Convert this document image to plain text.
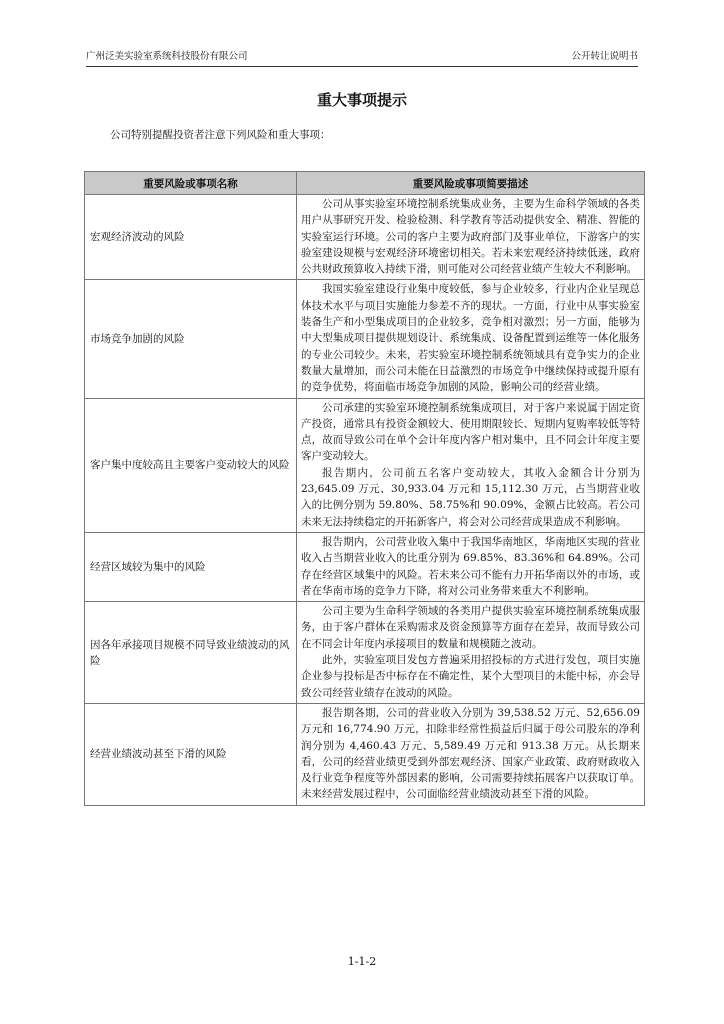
广州泛美实验室系统科技股份有限公司	公开转让说明书
重大事项提示
公司特别提醒投资者注意下列风险和重大事项：
重要风险或事项名称	重要风险或事项简要描述
宏观经济波动的风险	公司从事实验室环境控制系统集成业务，主要为生命科学领域的各类用户从事研究开发、检验检测、科学教育等活动提供安全、精准、智能的实验室运行环境。公司的客户主要为政府部门及事业单位，下游客户的实验室建设规模与宏观经济环境密切相关。若未来宏观经济持续低迷，政府公共财政预算收入持续下滑，则可能对公司经营业绩产生较大不利影响。

市场竞争加剧的风险	我国实验室建设行业集中度较低，参与企业较多，行业内企业呈现总体技术水平与项目实施能力参差不齐的现状。一方面，行业中从事实验室装备生产和小型集成项目的企业较多，竞争相对激烈；另一方面，能够为中大型集成项目提供规划设计、系统集成、设备配置到运维等一体化服务的专业公司较少。未来，若实验室环境控制系统领域具有竞争实力的企业数量大量增加，而公司未能在日益激烈的市场竞争中继续保持或提升原有的竞争优势，将面临市场竞争加剧的风险，影响公司的经营业绩。

客户集中度较高且主要客户变动较大的风险	公司承建的实验室环境控制系统集成项目，对于客户来说属于固定资产投资，通常具有投资金额较大、使用期限较长、短期内复购率较低等特点，故而导致公司在单个会计年度内客户相对集中，且不同会计年度主要客户变动较大。

报告期内，公司前五名客户变动较大，其收入金额合计分别为 23,645.09 万元、30,933.04 万元和 15,112.30 万元，占当期营业收入的比例分别为 59.80%、58.75%和 90.09%，金额占比较高。若公司未来无法持续稳定的开拓新客户，将会对公司经营成果造成不利影响。

经营区域较为集中的风险	报告期内，公司营业收入集中于我国华南地区，华南地区实现的营业收入占当期营业收入的比重分别为 69.85%、83.36%和 64.89%。公司存在经营区域集中的风险。若未来公司不能有力开拓华南以外的市场，或者在华南市场的竞争力下降，将对公司业务带来重大不利影响。

因各年承接项目规模不同导致业绩波动的风险	公司主要为生命科学领域的各类用户提供实验室环境控制系统集成服务，由于客户群体在采购需求及资金预算等方面存在差异，故而导致公司在不同会计年度内承接项目的数量和规模随之波动。

此外，实验室项目发包方普遍采用招投标的方式进行发包，项目实施企业参与投标是否中标存在不确定性，某个大型项目的未能中标，亦会导致公司经营业绩存在波动的风险。

经营业绩波动甚至下滑的风险	报告期各期，公司的营业收入分别为 39,538.52 万元、52,656.09 万元和 16,774.90 万元，扣除非经常性损益后归属于母公司股东的净利润分别为 4,460.43 万元、5,589.49 万元和 913.38 万元。从长期来看，公司的经营业绩更受到外部宏观经济、国家产业政策、政府财政收入及行业竞争程度等外部因素的影响，公司需要持续拓展客户以获取订单。未来经营发展过程中，公司面临经营业绩波动甚至下滑的风险。

1-1-2
